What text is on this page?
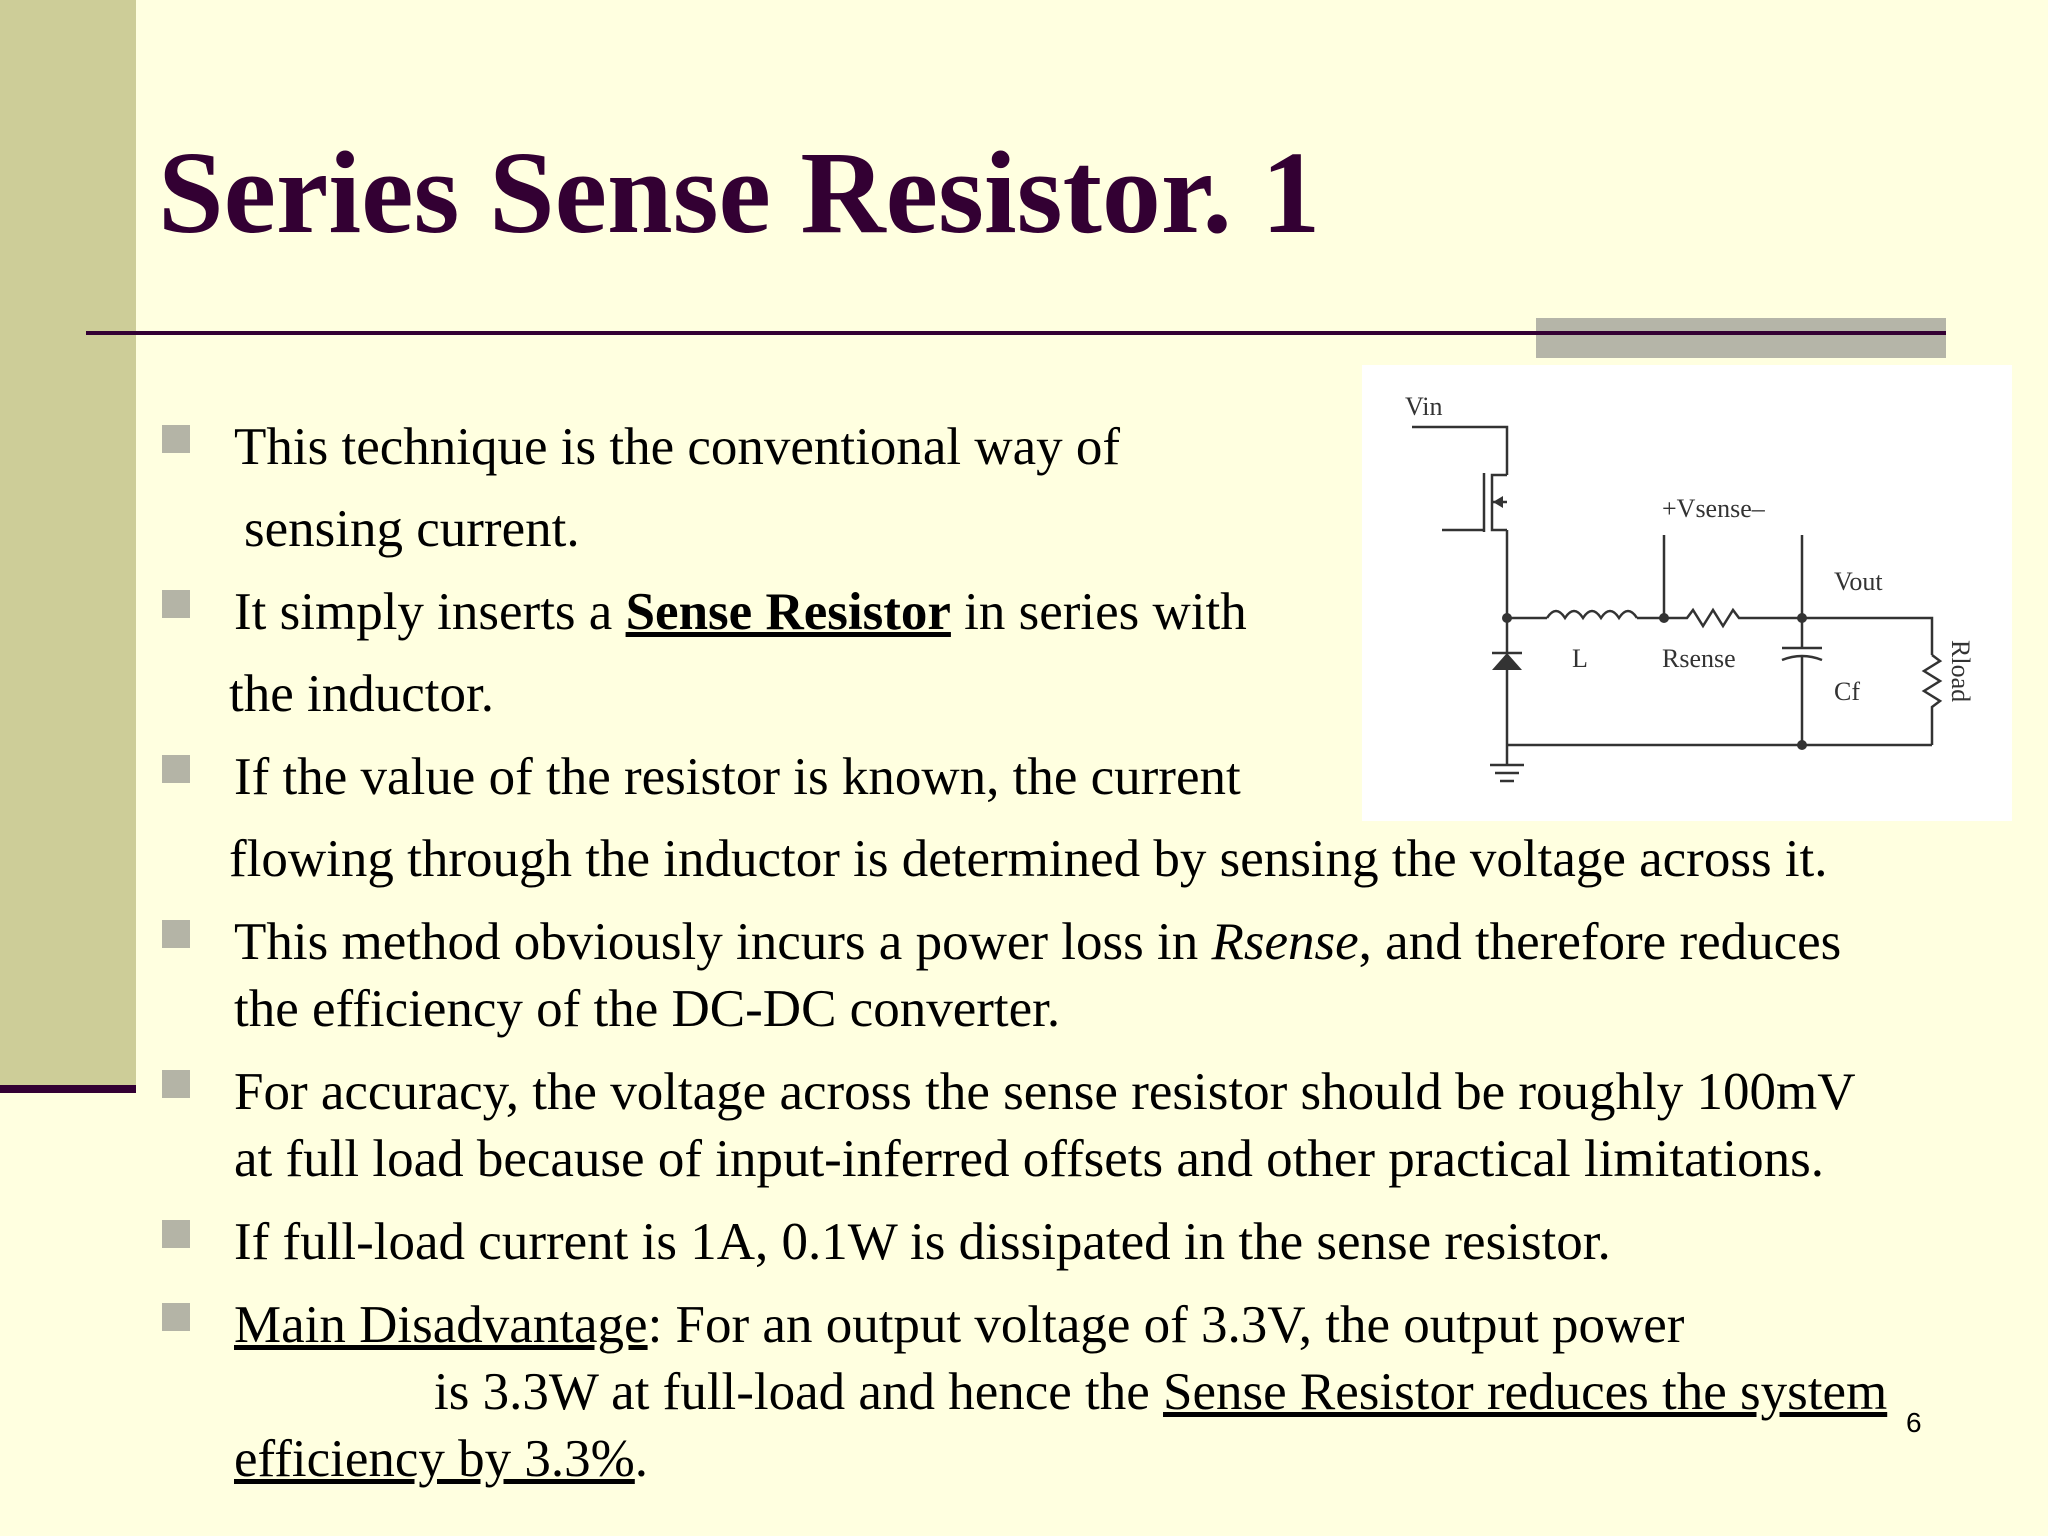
Series Sense Resistor. 1
This technique is the conventional way of
sensing current.
It simply inserts a Sense Resistor in series with
the inductor.
If the value of the resistor is known, the current
flowing through the inductor is determined by sensing the voltage across it.
This method obviously incurs a power loss in Rsense, and therefore reduces
the efficiency of the DC-DC converter.
For accuracy, the voltage across the sense resistor should be roughly 100mV
at full load because of input-inferred offsets and other practical limitations.
If full-load current is 1A, 0.1W is dissipated in the sense resistor.
Main Disadvantage: For an output voltage of 3.3V, the output power
is 3.3W at full-load and hence the Sense Resistor reduces the system
efficiency by 3.3%.
Vin
+Vsense–
Vout
L	Rsense
Cf	Rload
6
